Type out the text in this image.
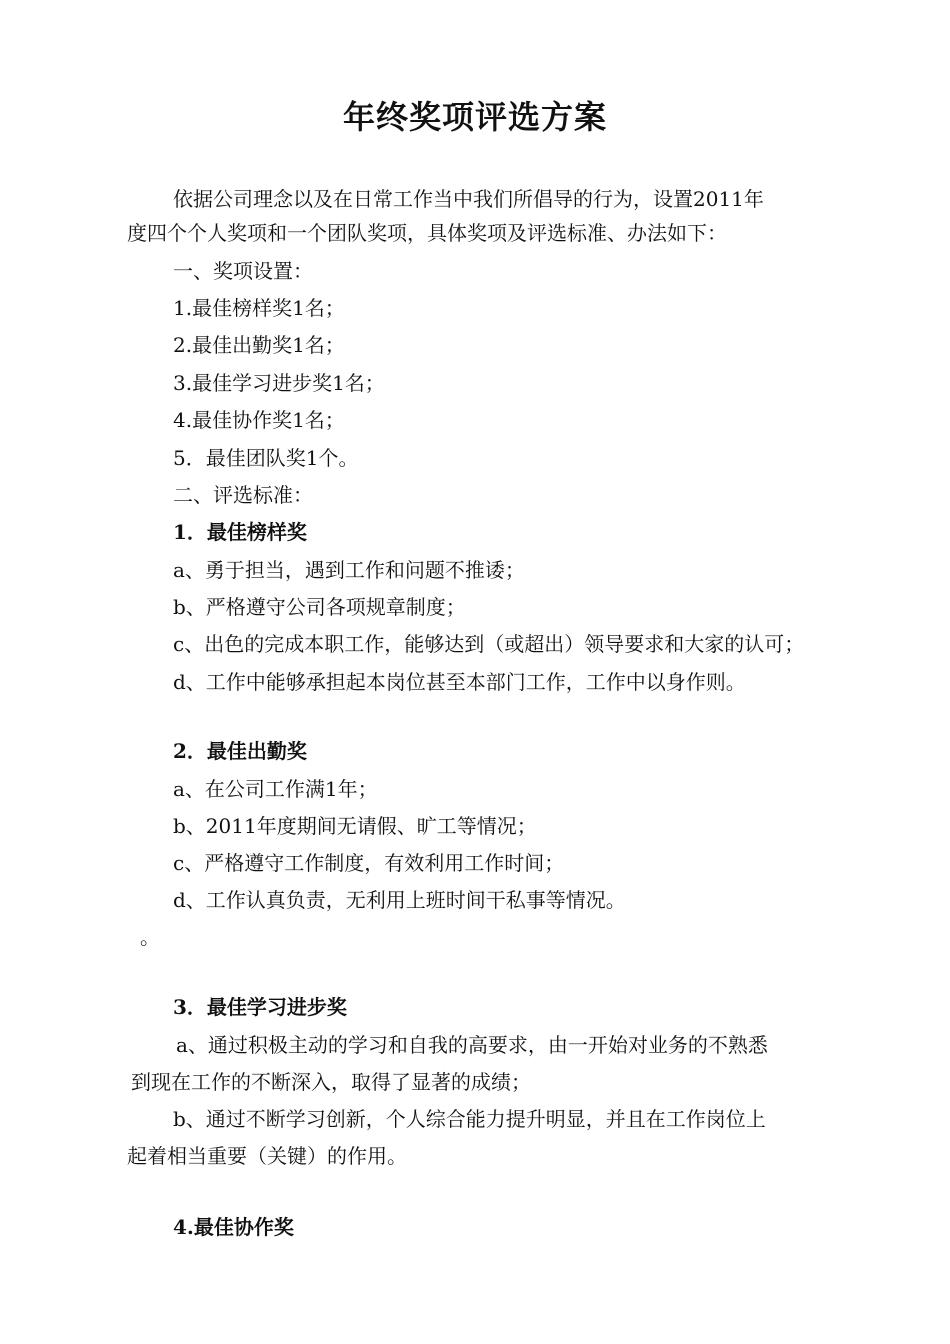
年终奖项评选方案
依据公司理念以及在日常工作当中我们所倡导的行为，设置2011年
度四个个人奖项和一个团队奖项，具体奖项及评选标准、办法如下：
一、奖项设置：
1.最佳榜样奖1名；
2.最佳出勤奖1名；
3.最佳学习进步奖1名；
4.最佳协作奖1名；
5．最佳团队奖1个。
二、评选标准：
1．最佳榜样奖
a、勇于担当，遇到工作和问题不推诿；
b、严格遵守公司各项规章制度；
c、出色的完成本职工作，能够达到（或超出）领导要求和大家的认可；
d、工作中能够承担起本岗位甚至本部门工作，工作中以身作则。
2．最佳出勤奖
a、在公司工作满1年；
b、2011年度期间无请假、旷工等情况；
c、严格遵守工作制度，有效利用工作时间；
d、工作认真负责，无利用上班时间干私事等情况。
。
3．最佳学习进步奖
a、通过积极主动的学习和自我的高要求，由一开始对业务的不熟悉
到现在工作的不断深入，取得了显著的成绩；
b、通过不断学习创新，个人综合能力提升明显，并且在工作岗位上
起着相当重要（关键）的作用。
4.最佳协作奖
